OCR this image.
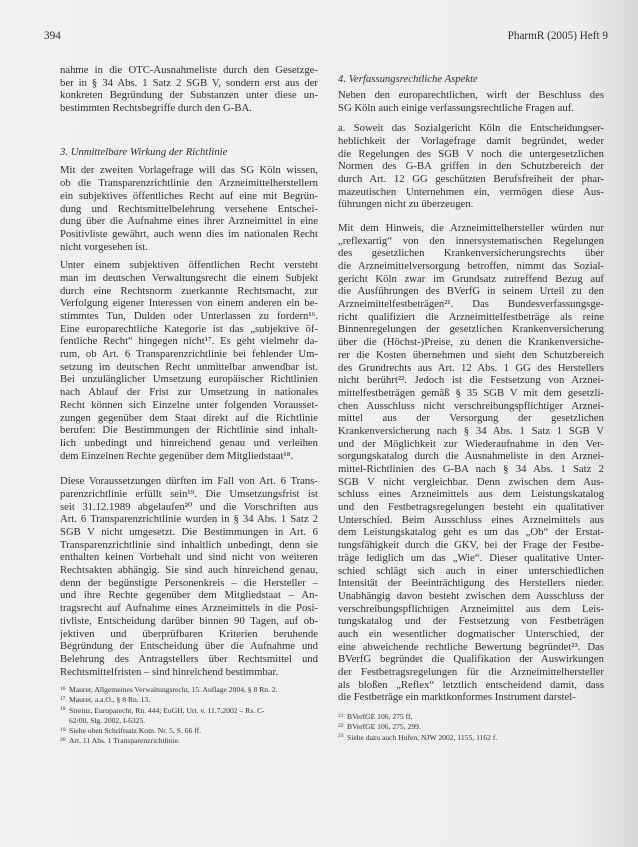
394	PharmR (2005) Heft 9
nahme in die OTC-Ausnahmeliste durch den Gesetzge-
ber in § 34 Abs. 1 Satz 2 SGB V, sondern erst aus der
konkreten Begründung der Substanzen unter diese un-
bestimmten Rechtsbegriffe durch den G-BA.
3. Unmittelbare Wirkung der Richtlinie
Mit der zweiten Vorlagefrage will das SG Köln wissen,
ob die Transparenzrichtlinie den Arzneimittelherstellern
ein subjektives öffentliches Recht auf eine mit Begrün-
dung und Rechtsmittelbelehrung versehene Entschei-
dung über die Aufnahme eines ihrer Arzneimittel in eine
Positivliste gewährt, auch wenn dies im nationalen Recht
nicht vorgesehen ist.
Unter einem subjektiven öffentlichen Recht versteht
man im deutschen Verwaltungsrecht die einem Subjekt
durch eine Rechtsnorm zuerkannte Rechtsmacht, zur
Verfolgung eigener Interessen von einem anderen ein be-
stimmtes Tun, Dulden oder Unterlassen zu fordern¹⁶.
Eine europarechtliche Kategorie ist das „subjektive öf-
fentliche Recht“ hingegen nicht¹⁷. Es geht vielmehr da-
rum, ob Art. 6 Transparenzrichtlinie bei fehlender Um-
setzung im deutschen Recht unmittelbar anwendbar ist.
Bei unzulänglicher Umsetzung europäischer Richtlinien
nach Ablauf der Frist zur Umsetzung in nationales
Recht können sich Einzelne unter folgenden Vorausset-
zungen gegenüber dem Staat direkt auf die Richtlinie
berufen: Die Bestimmungen der Richtlinie sind inhalt-
lich unbedingt und hinreichend genau und verleihen
dem Einzelnen Rechte gegenüber dem Mitgliedstaat¹⁸.
Diese Voraussetzungen dürften im Fall von Art. 6 Trans-
parenzrichtlinie erfüllt sein¹⁹. Die Umsetzungsfrist ist
seit 31.12.1989 abgelaufen²⁰ und die Vorschriften aus
Art. 6 Transparenzrichtlinie wurden in § 34 Abs. 1 Satz 2
SGB V nicht umgesetzt. Die Bestimmungen in Art. 6
Transparenzrichtlinie sind inhaltlich unbedingt, denn sie
enthalten keinen Vorbehalt und sind nicht von weiteren
Rechtsakten abhängig. Sie sind auch hinreichend genau,
denn der begünstigte Personenkreis – die Hersteller –
und ihre Rechte gegenüber dem Mitgliedstaat – An-
tragsrecht auf Aufnahme eines Arzneimittels in die Posi-
tivliste, Entscheidung darüber binnen 90 Tagen, auf ob-
jektiven und überprüfbaren Kriterien beruhende
Begründung der Entscheidung über die Aufnahme und
Belehrung des Antragstellers über Rechtsmittel und
Rechtsmittelfristen – sind hinreichend bestimmbar.
4. Verfassungsrechtliche Aspekte
Neben den europarechtlichen, wirft der Beschluss des
SG Köln auch einige verfassungsrechtliche Fragen auf.
a. Soweit das Sozialgericht Köln die Entscheidungser-
heblichkeit der Vorlagefrage damit begründet, weder
die Regelungen des SGB V noch die untergesetzlichen
Normen des G-BA griffen in den Schutzbereich der
durch Art. 12 GG geschützten Berufsfreiheit der phar-
mazeutischen Unternehmen ein, vermögen diese Aus-
führungen nicht zu überzeugen.
Mit dem Hinweis, die Arzneimittelhersteller würden nur
„reflexartig“ von den innersystematischen Regelungen
des gesetzlichen Krankenversicherungsrechts über
die Arzneimittelversorgung betroffen, nimmt das Sozial-
gericht Köln zwar im Grundsatz zutreffend Bezug auf
die Ausführungen des BVerfG in seinem Urteil zu den
Arzneimittelfestbeträgen²¹. Das Bundesverfassungsge-
richt qualifiziert die Arzneimittelfestbeträge als reine
Binnenregelungen der gesetzlichen Krankenversicherung
über die (Höchst-)Preise, zu denen die Krankenversiche-
rer die Kosten übernehmen und sieht den Schutzbereich
des Grundrechts aus Art. 12 Abs. 1 GG des Herstellers
nicht berührt²². Jedoch ist die Festsetzung von Arznei-
mittelfestbeträgen gemäß § 35 SGB V mit dem gesetzli-
chen Ausschluss nicht verschreibungspflichtiger Arznei-
mittel aus der Versorgung der gesetzlichen
Krankenversicherung nach § 34 Abs. 1 Satz 1 SGB V
und der Möglichkeit zur Wiederaufnahme in den Ver-
sorgungskatalog durch die Ausnahmeliste in den Arznei-
mittel-Richtlinien des G-BA nach § 34 Abs. 1 Satz 2
SGB V nicht vergleichbar. Denn zwischen dem Aus-
schluss eines Arzneimittels aus dem Leistungskatalog
und den Festbetragsregelungen besteht ein qualitativer
Unterschied. Beim Ausschluss eines Arzneimittels aus
dem Leistungskatalog geht es um das „Ob“ der Erstat-
tungsfähigkeit durch die GKV, bei der Frage der Festbe-
träge lediglich um das „Wie“. Dieser qualitative Unter-
schied schlägt sich auch in einer unterschiedlichen
Intensität der Beeinträchtigung des Herstellers nieder.
Unabhängig davon besteht zwischen dem Ausschluss der
verschreibungspflichtigen Arzneimittel aus dem Leis-
tungskatalog und der Festsetzung von Festbeträgen
auch ein wesentlicher dogmatischer Unterschied, der
eine abweichende rechtliche Bewertung begründet²³. Das
BVerfG begründet die Qualifikation der Auswirkungen
der Festbetragsregelungen für die Arzneimittelhersteller
als bloßen „Reflex“ letztlich entscheidend damit, dass
die Festbeträge ein marktkonformes Instrument darstel-
16 Maurer, Allgemeines Verwaltungsrecht, 15. Auflage 2004, § 8 Rn. 2.
17 Maurer, a.a.O., § 8 Rn. 13.
18 Streinz, Europarecht, Rn. 444; EuGH, Urt. v. 11.7.2002 – Rs. C-
62/00, Slg. 2002, I-6325.
19 Siehe oben Schriftsatz Kom. Nr. 5, S. 66 ff.
20 Art. 11 Abs. 1 Transparenzrichtlinie.
21 BVerfGE 106, 275 ff.
22 BVerfGE 106, 275, 299.
23 Siehe dazu auch Hufen, NJW 2002, 1155, 1162 f.
